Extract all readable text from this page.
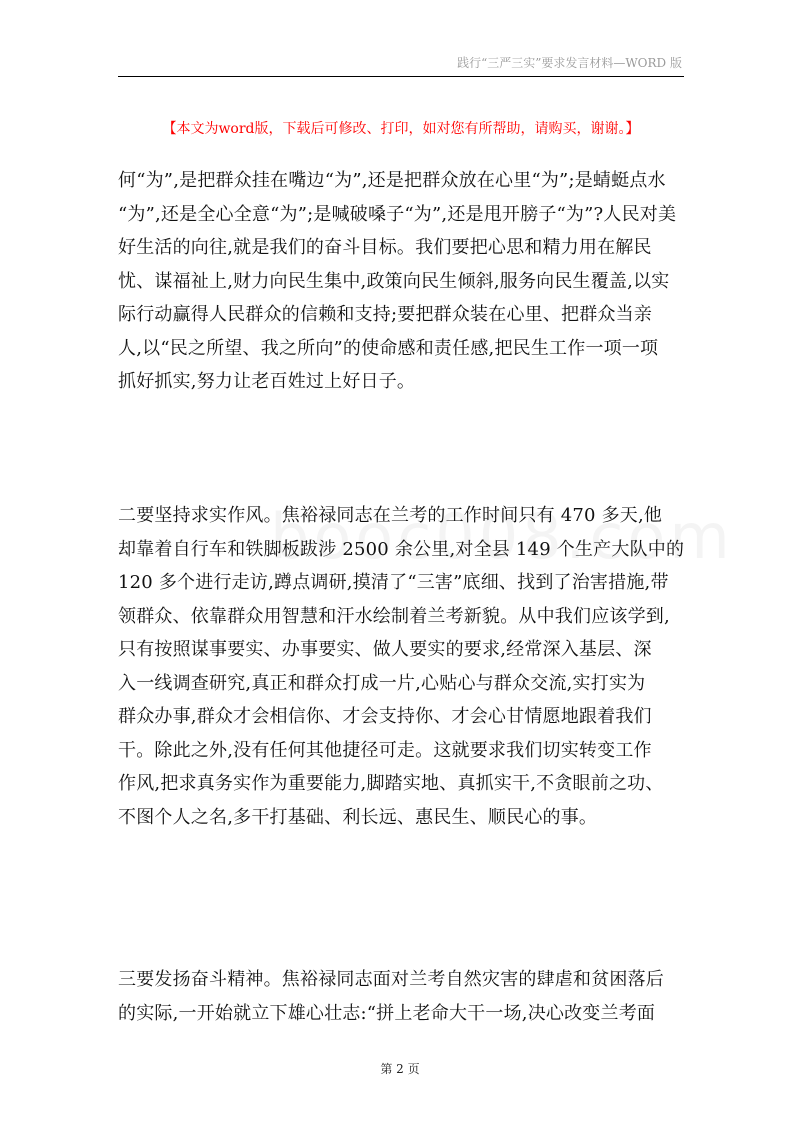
践行“三严三实”要求发言材料—WORD 版
【本文为word版，下载后可修改、打印，如对您有所帮助，请购买，谢谢。】
何“为”,是把群众挂在嘴边“为”,还是把群众放在心里“为”;是蜻蜓点水
“为”,还是全心全意“为”;是喊破嗓子“为”,还是甩开膀子“为”?人民对美
好生活的向往,就是我们的奋斗目标。我们要把心思和精力用在解民
忧、谋福祉上,财力向民生集中,政策向民生倾斜,服务向民生覆盖,以实
际行动赢得人民群众的信赖和支持;要把群众装在心里、把群众当亲
人,以“民之所望、我之所向”的使命感和责任感,把民生工作一项一项
抓好抓实,努力让老百姓过上好日子。
二要坚持求实作风。焦裕禄同志在兰考的工作时间只有 470 多天,他
却靠着自行车和铁脚板跋涉 2500 余公里,对全县 149 个生产大队中的
120 多个进行走访,蹲点调研,摸清了“三害”底细、找到了治害措施,带
领群众、依靠群众用智慧和汗水绘制着兰考新貌。从中我们应该学到,
只有按照谋事要实、办事要实、做人要实的要求,经常深入基层、深
入一线调查研究,真正和群众打成一片,心贴心与群众交流,实打实为
群众办事,群众才会相信你、才会支持你、才会心甘情愿地跟着我们
干。除此之外,没有任何其他捷径可走。这就要求我们切实转变工作
作风,把求真务实作为重要能力,脚踏实地、真抓实干,不贪眼前之功、
不图个人之名,多干打基础、利长远、惠民生、顺民心的事。
三要发扬奋斗精神。焦裕禄同志面对兰考自然灾害的肆虐和贫困落后
的实际,一开始就立下雄心壮志:“拼上老命大干一场,决心改变兰考面
第 2 页
